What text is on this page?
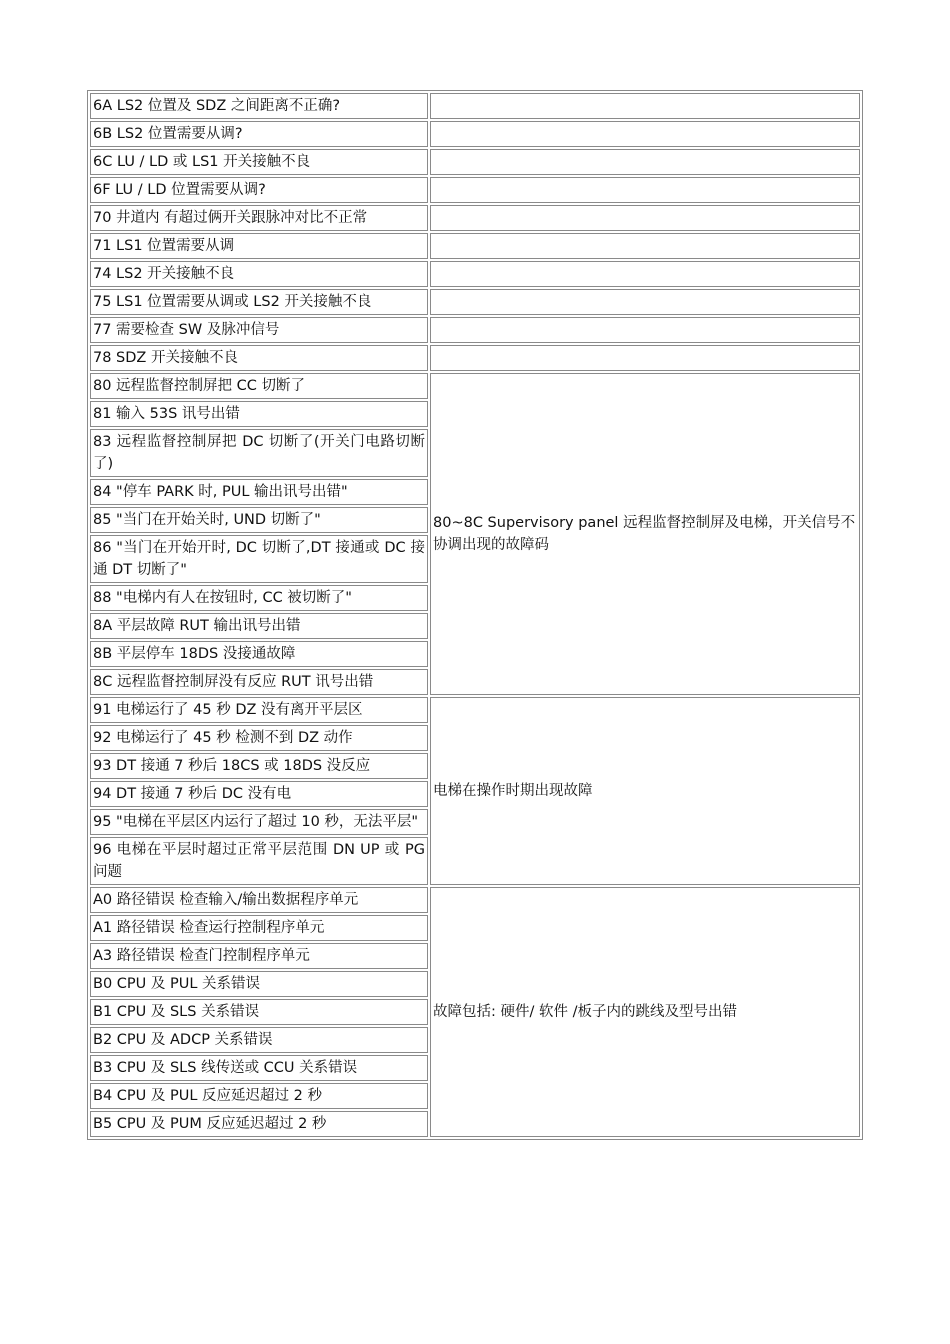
6A LS2 位置及 SDZ 之间距离不正确?	
6B LS2 位置需要从调?	
6C LU / LD 或 LS1 开关接触不良	
6F LU / LD 位置需要从调?	
70 井道内 有超过俩开关跟脉冲对比不正常	
71 LS1 位置需要从调	
74 LS2 开关接触不良	
75 LS1 位置需要从调或 LS2 开关接触不良	
77 需要检查 SW 及脉冲信号	
78 SDZ 开关接触不良	
80 远程监督控制屏把 CC 切断了	80~8C Supervisory panel 远程监督控制屏及电梯，开关信号不协调出现的故障码
81 输入 53S 讯号出错	
83 远程监督控制屏把 DC 切断了(开关门电路切断了)	
84 "停车 PARK 时, PUL 输出讯号出错"	
85 "当门在开始关时, UND 切断了"	
86 "当门在开始开时, DC 切断了,DT 接通或 DC 接通 DT 切断了"	
88 "电梯内有人在按钮时, CC 被切断了"	
8A 平层故障 RUT 输出讯号出错	
8B 平层停车 18DS 没接通故障	
8C 远程监督控制屏没有反应 RUT 讯号出错	
91 电梯运行了 45 秒 DZ 没有离开平层区	电梯在操作时期出现故障
92 电梯运行了 45 秒 检测不到 DZ 动作	
93 DT 接通 7 秒后 18CS 或 18DS 没反应	
94 DT 接通 7 秒后 DC 没有电	
95 "电梯在平层区内运行了超过 10 秒，无法平层"	
96 电梯在平层时超过正常平层范围 DN UP 或 PG 问题	
A0 路径错误 检查输入/输出数据程序单元	故障包括: 硬件/ 软件 /板子内的跳线及型号出错
A1 路径错误 检查运行控制程序单元	
A3 路径错误 检查门控制程序单元	
B0 CPU 及 PUL 关系错误	
B1 CPU 及 SLS 关系错误	
B2 CPU 及 ADCP 关系错误	
B3 CPU 及 SLS 线传送或 CCU 关系错误	
B4 CPU 及 PUL 反应延迟超过 2 秒	
B5 CPU 及 PUM 反应延迟超过 2 秒	
